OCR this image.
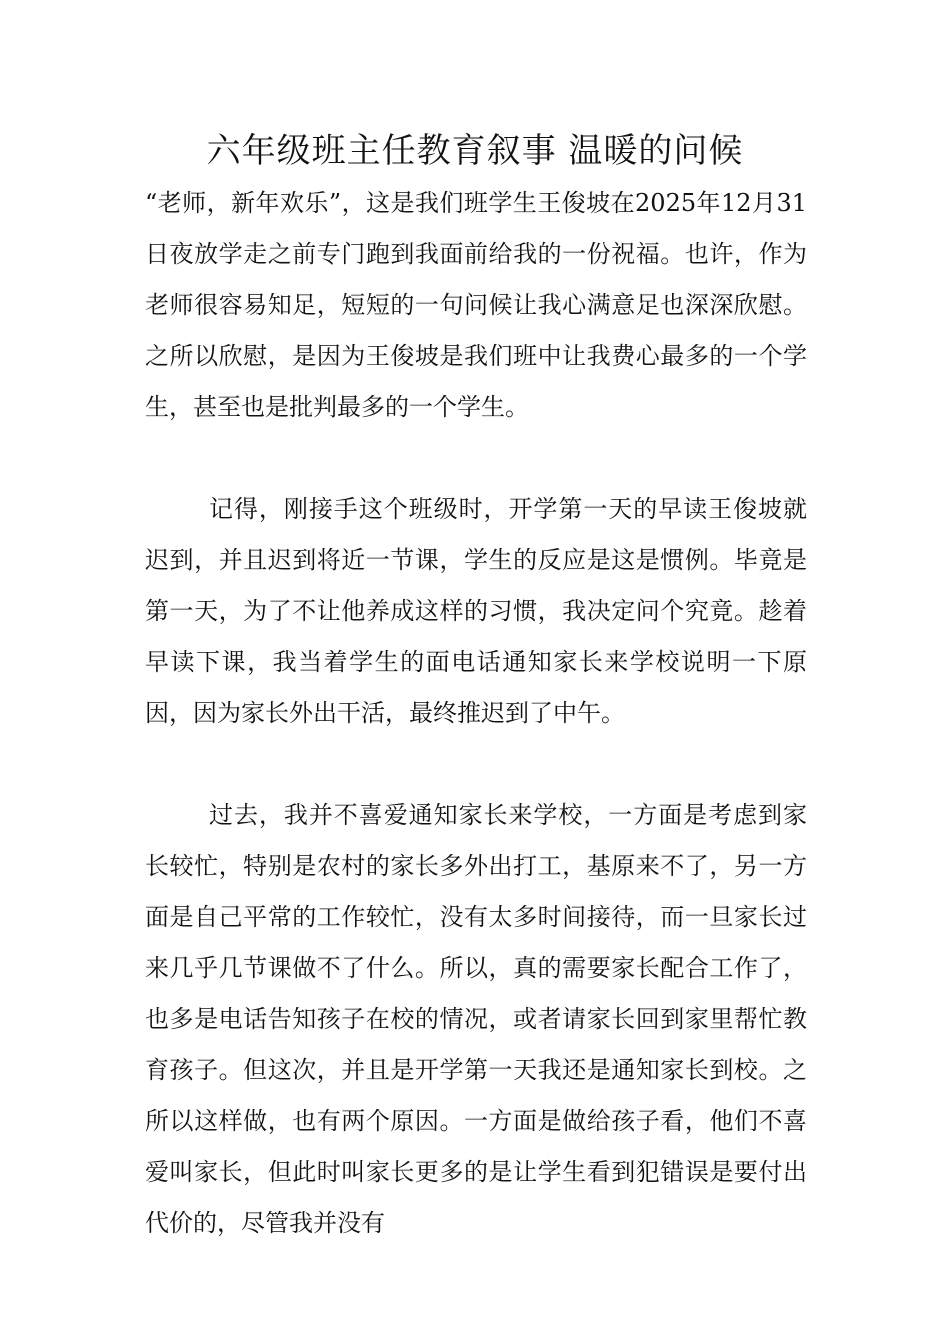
六年级班主任教育叙事 温暖的问候

“老师，新年欢乐”，这是我们班学生王俊坡在2025年12月31日夜放学走之前专门跑到我面前给我的一份祝福。也许，作为老师很容易知足，短短的一句问候让我心满意足也深深欣慰。之所以欣慰，是因为王俊坡是我们班中让我费心最多的一个学生，甚至也是批判最多的一个学生。

记得，刚接手这个班级时，开学第一天的早读王俊坡就迟到，并且迟到将近一节课，学生的反应是这是惯例。毕竟是第一天，为了不让他养成这样的习惯，我决定问个究竟。趁着早读下课，我当着学生的面电话通知家长来学校说明一下原因，因为家长外出干活，最终推迟到了中午。

过去，我并不喜爱通知家长来学校，一方面是考虑到家长较忙，特别是农村的家长多外出打工，基原来不了，另一方面是自己平常的工作较忙，没有太多时间接待，而一旦家长过来几乎几节课做不了什么。所以，真的需要家长配合工作了，也多是电话告知孩子在校的情况，或者请家长回到家里帮忙教育孩子。但这次，并且是开学第一天我还是通知家长到校。之所以这样做，也有两个原因。一方面是做给孩子看，他们不喜爱叫家长，但此时叫家长更多的是让学生看到犯错误是要付出代价的，尽管我并没有
